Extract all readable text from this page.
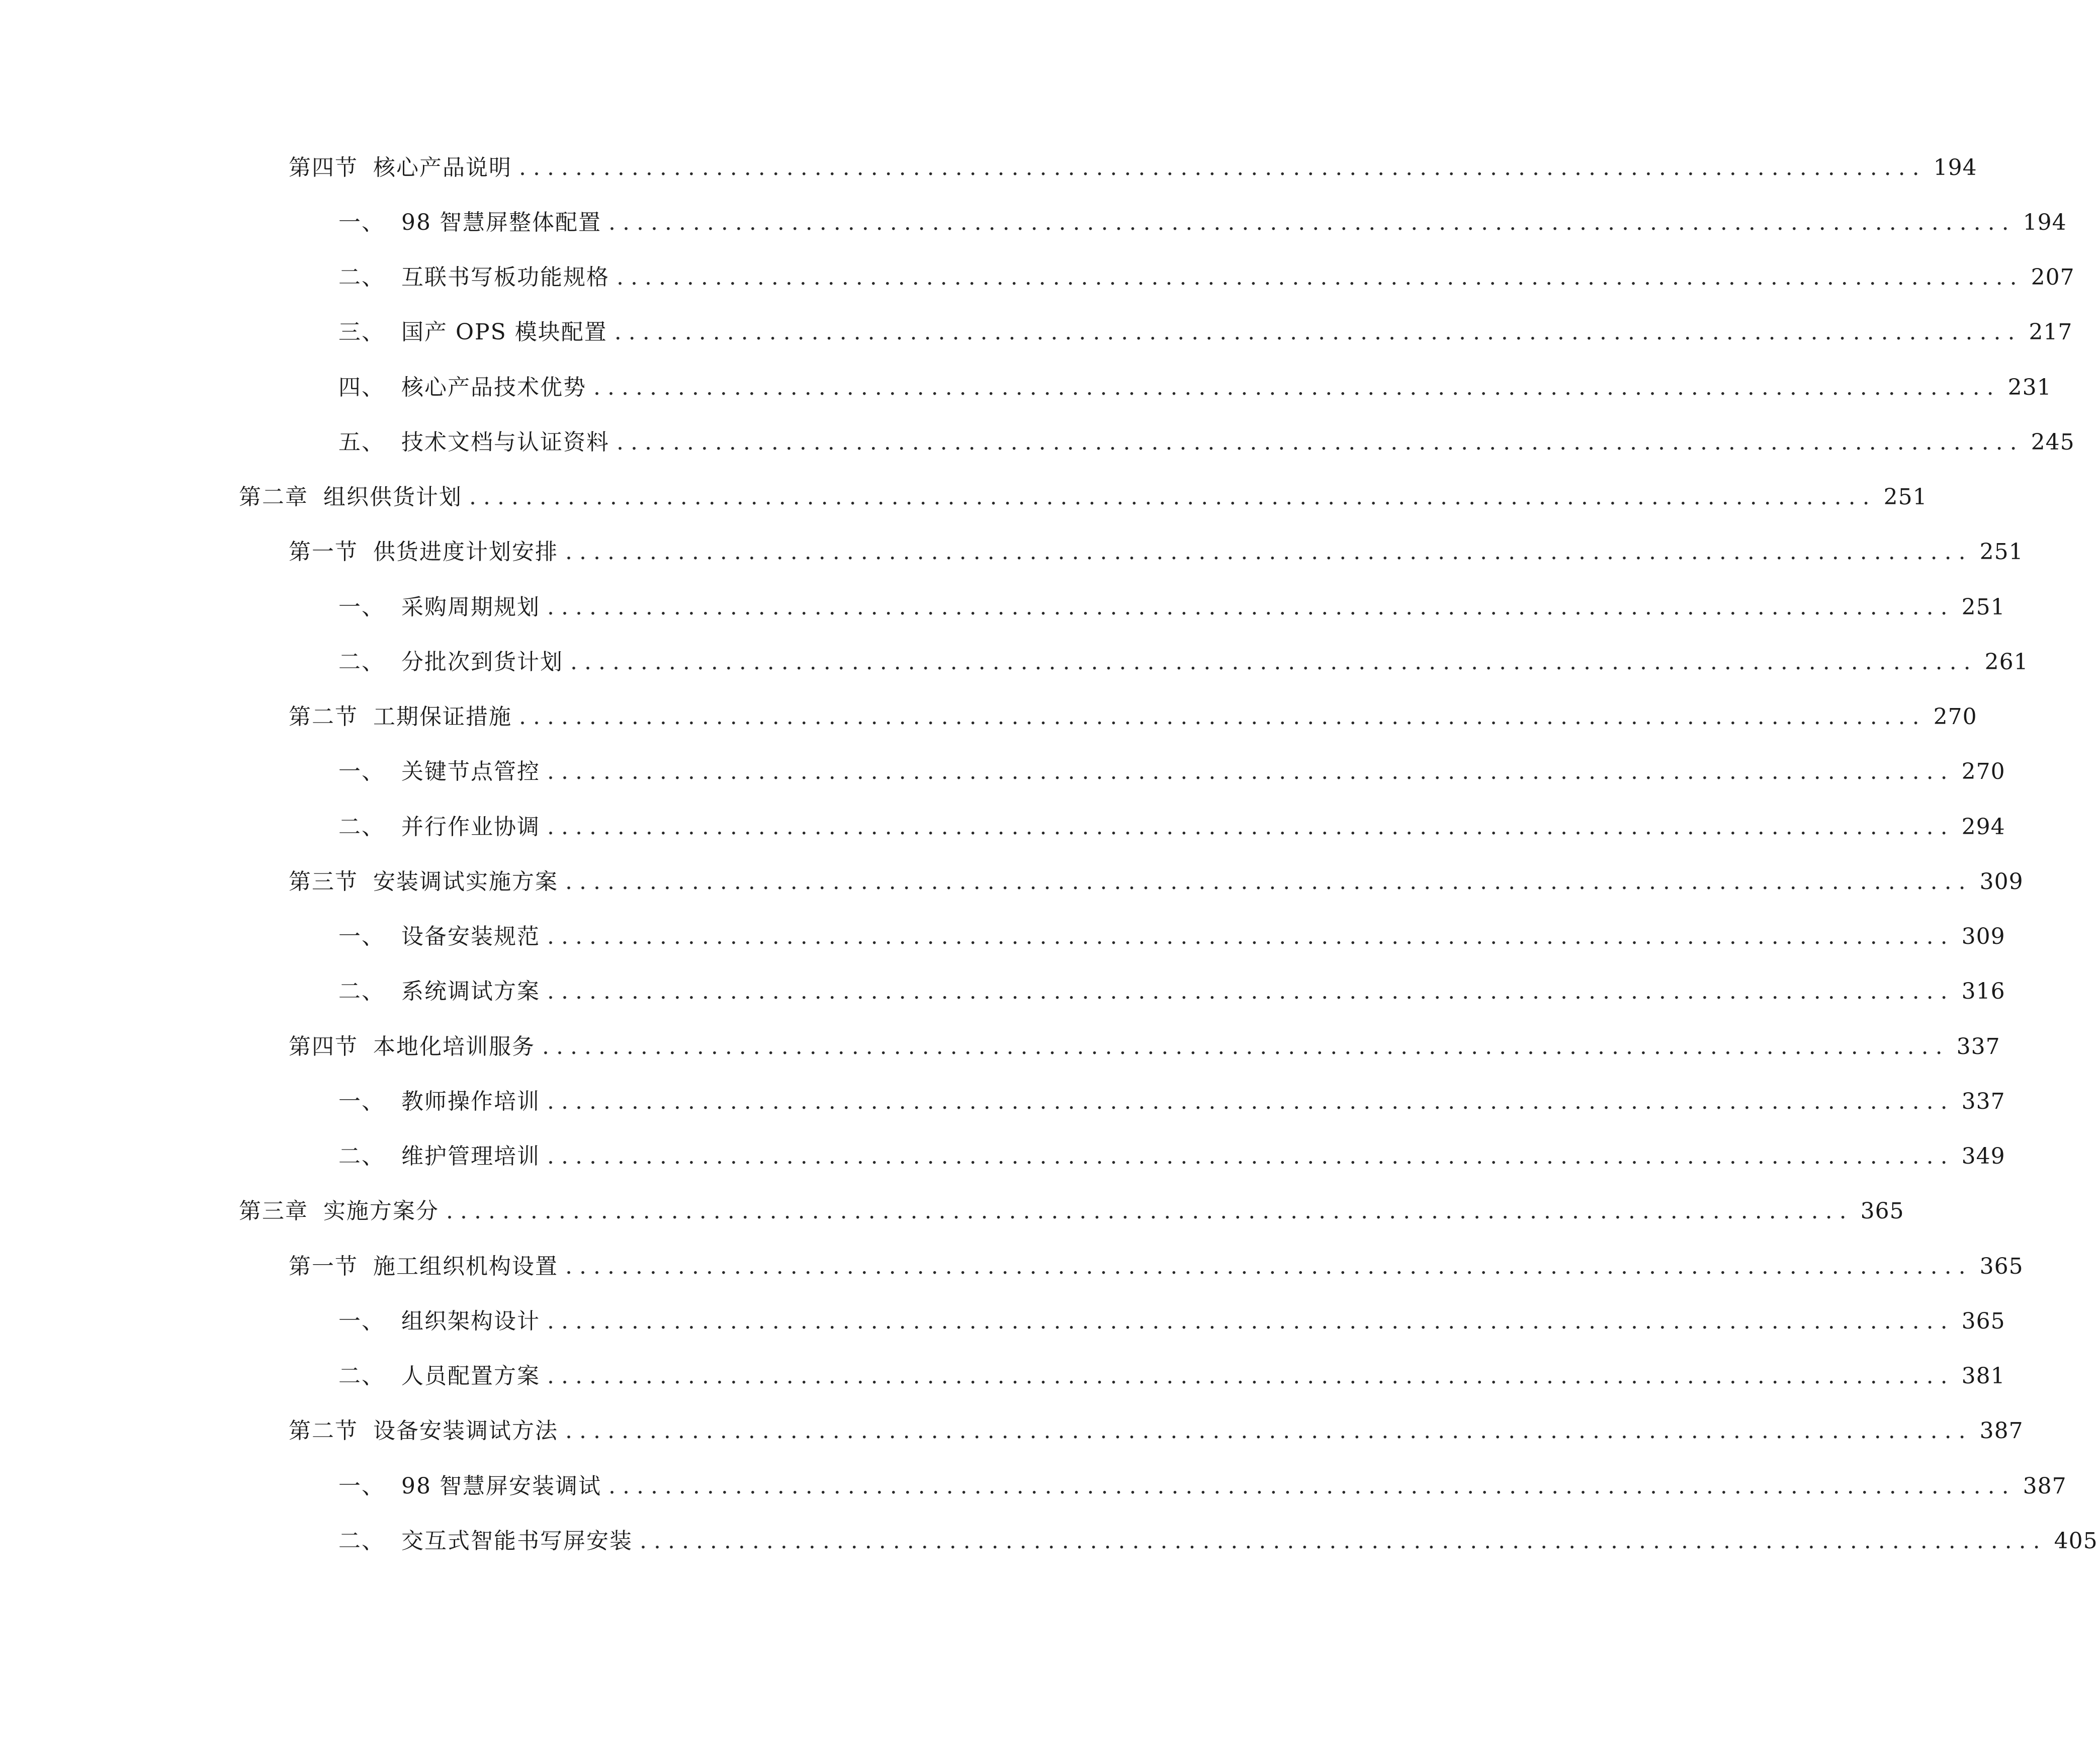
第四节 核心产品说明 .................................................................................................... 194
一、 98 智慧屏整体配置 .................................................................................................... 194
二、 互联书写板功能规格 .................................................................................................... 207
三、 国产 OPS 模块配置 .................................................................................................... 217
四、 核心产品技术优势 .................................................................................................... 231
五、 技术文档与认证资料 .................................................................................................... 245
第二章 组织供货计划 .................................................................................................... 251
第一节 供货进度计划安排 .................................................................................................... 251
一、 采购周期规划 .................................................................................................... 251
二、 分批次到货计划 .................................................................................................... 261
第二节 工期保证措施 .................................................................................................... 270
一、 关键节点管控 .................................................................................................... 270
二、 并行作业协调 .................................................................................................... 294
第三节 安装调试实施方案 .................................................................................................... 309
一、 设备安装规范 .................................................................................................... 309
二、 系统调试方案 .................................................................................................... 316
第四节 本地化培训服务 .................................................................................................... 337
一、 教师操作培训 .................................................................................................... 337
二、 维护管理培训 .................................................................................................... 349
第三章 实施方案分 .................................................................................................... 365
第一节 施工组织机构设置 .................................................................................................... 365
一、 组织架构设计 .................................................................................................... 365
二、 人员配置方案 .................................................................................................... 381
第二节 设备安装调试方法 .................................................................................................... 387
一、 98 智慧屏安装调试 .................................................................................................... 387
二、 交互式智能书写屏安装 .................................................................................................... 405
